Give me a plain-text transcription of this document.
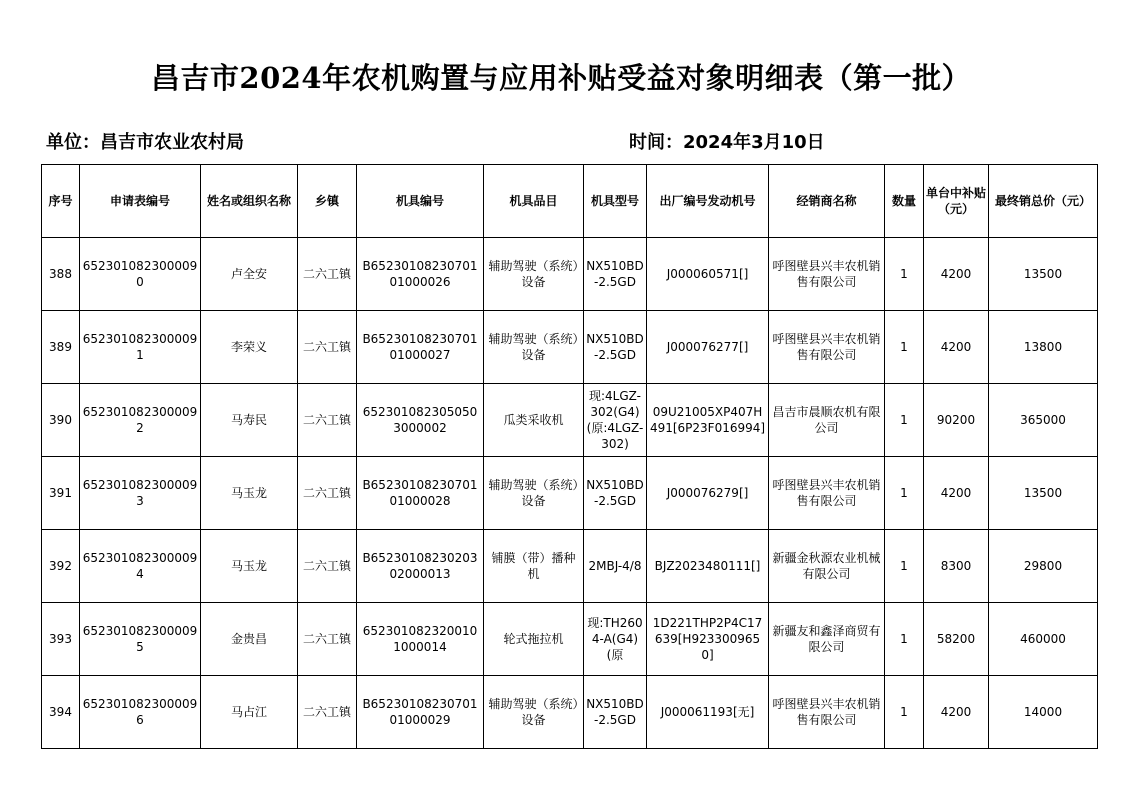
昌吉市2024年农机购置与应用补贴受益对象明细表（第一批）
单位：昌吉市农业农村局	时间：2024年3月10日
序号	申请表编号	姓名或组织名称	乡镇	机具编号	机具品目	机具型号	出厂编号发动机号	经销商名称	数量	单台中补贴（元）	最终销总价（元）
388	6523010823000090	卢全安	二六工镇	B6523010823070101000026	辅助驾驶（系统）设备	NX510BD-2.5GD	J000060571[]	呼图壁县兴丰农机销售有限公司	1	4200	13500
389	6523010823000091	李荣义	二六工镇	B6523010823070101000027	辅助驾驶（系统）设备	NX510BD-2.5GD	J000076277[]	呼图壁县兴丰农机销售有限公司	1	4200	13800
390	6523010823000092	马寿民	二六工镇	6523010823050503000002	瓜类采收机	现:4LGZ-302(G4)(原:4LGZ-302)	09U21005XP407H491[6P23F016994]	昌吉市晨顺农机有限公司	1	90200	365000
391	6523010823000093	马玉龙	二六工镇	B6523010823070101000028	辅助驾驶（系统）设备	NX510BD-2.5GD	J000076279[]	呼图壁县兴丰农机销售有限公司	1	4200	13500
392	6523010823000094	马玉龙	二六工镇	B6523010823020302000013	铺膜（带）播种机	2MBJ-4/8	BJZ2023480111[]	新疆金秋源农业机械有限公司	1	8300	29800
393	6523010823000095	金贵昌	二六工镇	6523010823200101000014	轮式拖拉机	现:TH2604-A(G4)(原	1D221THP2P4C17639[H9233009650]	新疆友和鑫泽商贸有限公司	1	58200	460000
394	6523010823000096	马占江	二六工镇	B6523010823070101000029	辅助驾驶（系统）设备	NX510BD-2.5GD	J000061193[无]	呼图壁县兴丰农机销售有限公司	1	4200	14000
